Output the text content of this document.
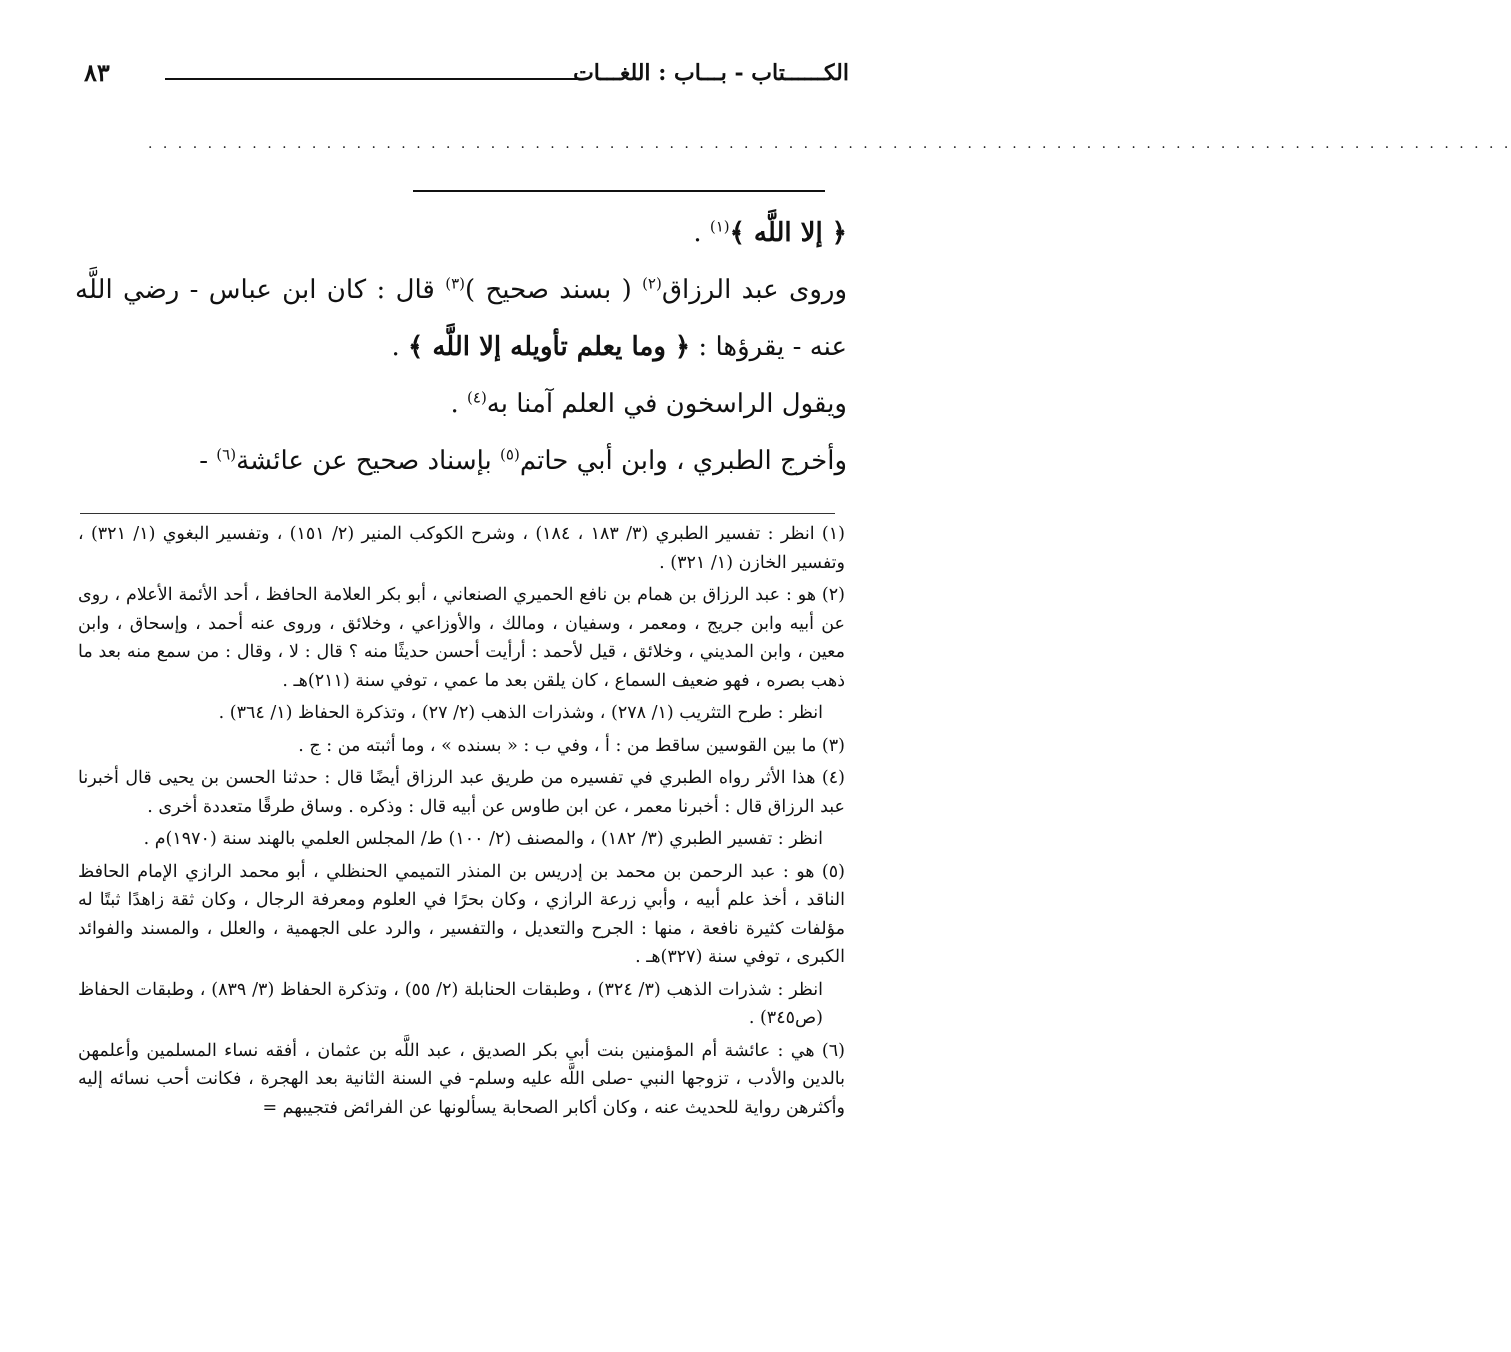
الكــــــتاب - بـــاب : اللغـــات
٨٣
· · · · · · · · · · · · · · · · · · · · · · · · · · · · · · · · · · · · · · · · · · · · · · · · · · · · · · · · · · · · · · · · · · · · · · · · · · · · · · · · · · · · · · · · · · · ·

﴿ إلا اللَّه ﴾$^{(١)}$ .

وروى عبد الرزاق$^{(٢)}$ ( بسند صحيح )$^{(٣)}$ قال : كان ابن عباس - رضي اللَّه عنه - يقرؤها : ﴿ وما يعلم تأويله إلا اللَّه ﴾ .

ويقول الراسخون في العلم آمنا به$^{(٤)}$ .

وأخرج الطبري ، وابن أبي حاتم$^{(٥)}$ بإسناد صحيح عن عائشة$^{(٦)}$ -

(١) انظر : تفسير الطبري (٣/ ١٨٣ ، ١٨٤) ، وشرح الكوكب المنير (٢/ ١٥١) ، وتفسير البغوي (١/ ٣٢١) ، وتفسير الخازن (١/ ٣٢١) .

(٢) هو : عبد الرزاق بن همام بن نافع الحميري الصنعاني ، أبو بكر العلامة الحافظ ، أحد الأئمة الأعلام ، روى عن أبيه وابن جريج ، ومعمر ، وسفيان ، ومالك ، والأوزاعي ، وخلائق ، وروى عنه أحمد ، وإسحاق ، وابن معين ، وابن المديني ، وخلائق ، قيل لأحمد : أرأيت أحسن حديثًا منه ؟ قال : لا ، وقال : من سمع منه بعد ما ذهب بصره ، فهو ضعيف السماع ، كان يلقن بعد ما عمي ، توفي سنة (٢١١)هـ .

انظر : طرح التثريب (١/ ٢٧٨) ، وشذرات الذهب (٢/ ٢٧) ، وتذكرة الحفاظ (١/ ٣٦٤) .

(٣) ما بين القوسين ساقط من : أ ، وفي ب : « بسنده » ، وما أثبته من : ج .

(٤) هذا الأثر رواه الطبري في تفسيره من طريق عبد الرزاق أيضًا قال : حدثنا الحسن بن يحيى قال أخبرنا عبد الرزاق قال : أخبرنا معمر ، عن ابن طاوس عن أبيه قال : وذكره . وساق طرقًا متعددة أخرى .

انظر : تفسير الطبري (٣/ ١٨٢) ، والمصنف (٢/ ١٠٠) ط/ المجلس العلمي بالهند سنة (١٩٧٠)م .

(٥) هو : عبد الرحمن بن محمد بن إدريس بن المنذر التميمي الحنظلي ، أبو محمد الرازي الإمام الحافظ الناقد ، أخذ علم أبيه ، وأبي زرعة الرازي ، وكان بحرًا في العلوم ومعرفة الرجال ، وكان ثقة زاهدًا ثبتًا له مؤلفات كثيرة نافعة ، منها : الجرح والتعديل ، والتفسير ، والرد على الجهمية ، والعلل ، والمسند والفوائد الكبرى ، توفي سنة (٣٢٧)هـ .

انظر : شذرات الذهب (٣/ ٣٢٤) ، وطبقات الحنابلة (٢/ ٥٥) ، وتذكرة الحفاظ (٣/ ٨٣٩) ، وطبقات الحفاظ (ص٣٤٥) .

(٦) هي : عائشة أم المؤمنين بنت أبي بكر الصديق ، عبد اللَّه بن عثمان ، أفقه نساء المسلمين وأعلمهن بالدين والأدب ، تزوجها النبي -صلى اللَّه عليه وسلم- في السنة الثانية بعد الهجرة ، فكانت أحب نسائه إليه وأكثرهن رواية للحديث عنه ، وكان أكابر الصحابة يسألونها عن الفرائض فتجيبهم =
